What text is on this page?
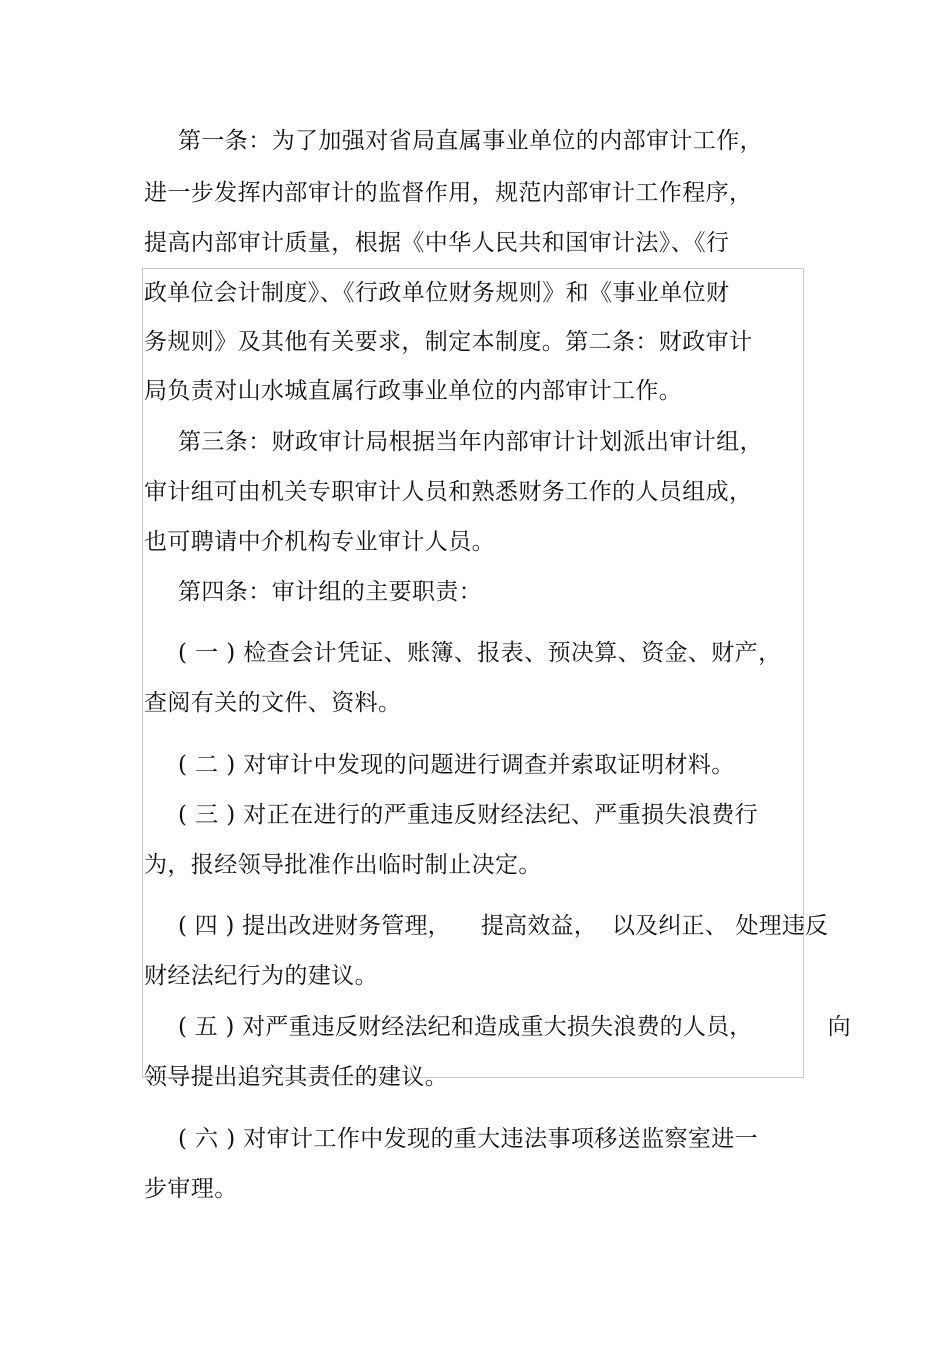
第一条：为了加强对省局直属事业单位的内部审计工作，
进一步发挥内部审计的监督作用，规范内部审计工作程序，
提高内部审计质量，根据《中华人民共和国审计法》、《行
政单位会计制度》、《行政单位财务规则》和《事业单位财
务规则》及其他有关要求，制定本制度。第二条：财政审计
局负责对山水城直属行政事业单位的内部审计工作。
第三条：财政审计局根据当年内部审计计划派出审计组，
审计组可由机关专职审计人员和熟悉财务工作的人员组成，
也可聘请中介机构专业审计人员。
第四条：审计组的主要职责：
( 一 ) 检查会计凭证、账簿、报表、预决算、资金、财产，
查阅有关的文件、资料。
( 二 ) 对审计中发现的问题进行调查并索取证明材料。
( 三 ) 对正在进行的严重违反财经法纪、严重损失浪费行
为，报经领导批准作出临时制止决定。
( 四 ) 提出改进财务管理，    提高效益，  以及纠正、 处理违反
财经法纪行为的建议。
( 五 ) 对严重违反财经法纪和造成重大损失浪费的人员，          向
领导提出追究其责任的建议。
( 六 ) 对审计工作中发现的重大违法事项移送监察室进一
步审理。
